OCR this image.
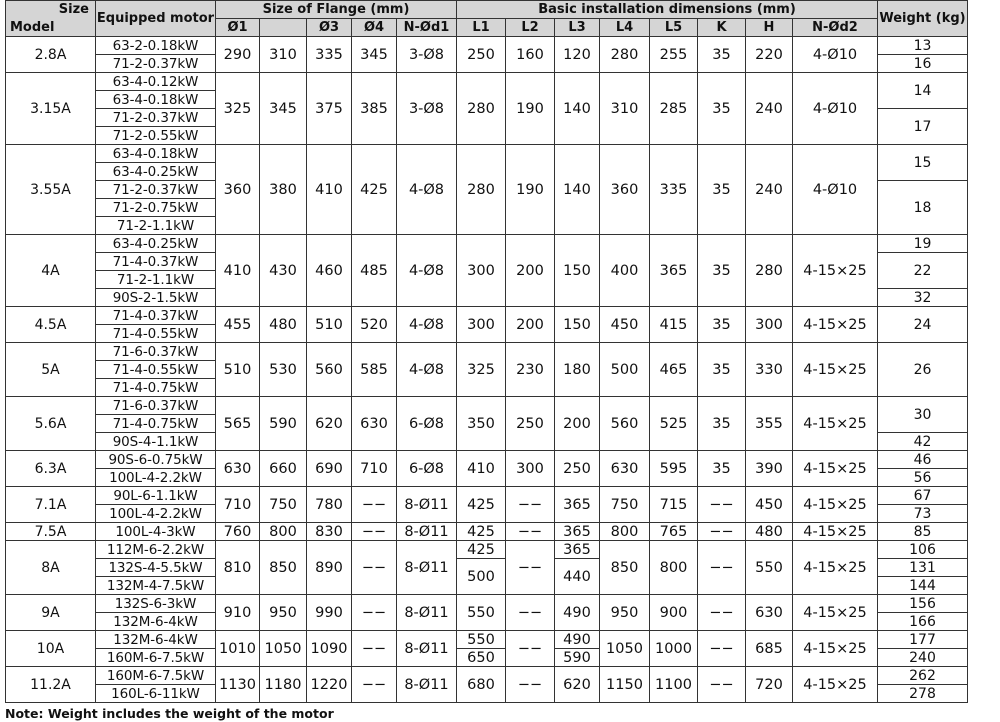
Size
Model	Equipped motor	Size of Flange (mm)					Basic installation dimensions (mm)								Weight (kg)
		Ø1		Ø3	Ø4	N-Ød1	L1	L2	L3	L4	L5	K	H	N-Ød2	
2.8A	63-2-0.18kW	290	310	335	345	3-Ø8	250	160	120	280	255	35	220	4-Ø10	13
	71-2-0.37kW														16
3.15A	63-4-0.12kW	325	345	375	385	3-Ø8	280	190	140	310	285	35	240	4-Ø10	14
	63-4-0.18kW														
	71-2-0.37kW														17
	71-2-0.55kW														
3.55A	63-4-0.18kW	360	380	410	425	4-Ø8	280	190	140	360	335	35	240	4-Ø10	15
	63-4-0.25kW														
	71-2-0.37kW														18
	71-2-0.75kW														
	71-2-1.1kW														
4A	63-4-0.25kW	410	430	460	485	4-Ø8	300	200	150	400	365	35	280	4-15×25	19
	71-4-0.37kW														22
	71-2-1.1kW														
	90S-2-1.5kW														32
4.5A	71-4-0.37kW	455	480	510	520	4-Ø8	300	200	150	450	415	35	300	4-15×25	24
	71-4-0.55kW														
5A	71-6-0.37kW	510	530	560	585	4-Ø8	325	230	180	500	465	35	330	4-15×25	26
	71-4-0.55kW														
	71-4-0.75kW														
5.6A	71-6-0.37kW	565	590	620	630	6-Ø8	350	250	200	560	525	35	355	4-15×25	30
	71-4-0.75kW														
	90S-4-1.1kW														42
6.3A	90S-6-0.75kW	630	660	690	710	6-Ø8	410	300	250	630	595	35	390	4-15×25	46
	100L-4-2.2kW														56
7.1A	90L-6-1.1kW	710	750	780	−−	8-Ø11	425	−−	365	750	715	−−	450	4-15×25	67
	100L-4-2.2kW														73
7.5A	100L-4-3kW	760	800	830	−−	8-Ø11	425	−−	365	800	765	−−	480	4-15×25	85
8A	112M-6-2.2kW	810	850	890	−−	8-Ø11	425	−−	365	850	800	−−	550	4-15×25	106
	132S-4-5.5kW						500		440						131
	132M-4-7.5kW														144
9A	132S-6-3kW	910	950	990	−−	8-Ø11	550	−−	490	950	900	−−	630	4-15×25	156
	132M-6-4kW														166
10A	132M-6-4kW	1010	1050	1090	−−	8-Ø11	550	−−	490	1050	1000	−−	685	4-15×25	177
	160M-6-7.5kW						650		590						240
11.2A	160M-6-7.5kW	1130	1180	1220	−−	8-Ø11	680	−−	620	1150	1100	−−	720	4-15×25	262
	160L-6-11kW														278
Note: Weight includes the weight of the motor
